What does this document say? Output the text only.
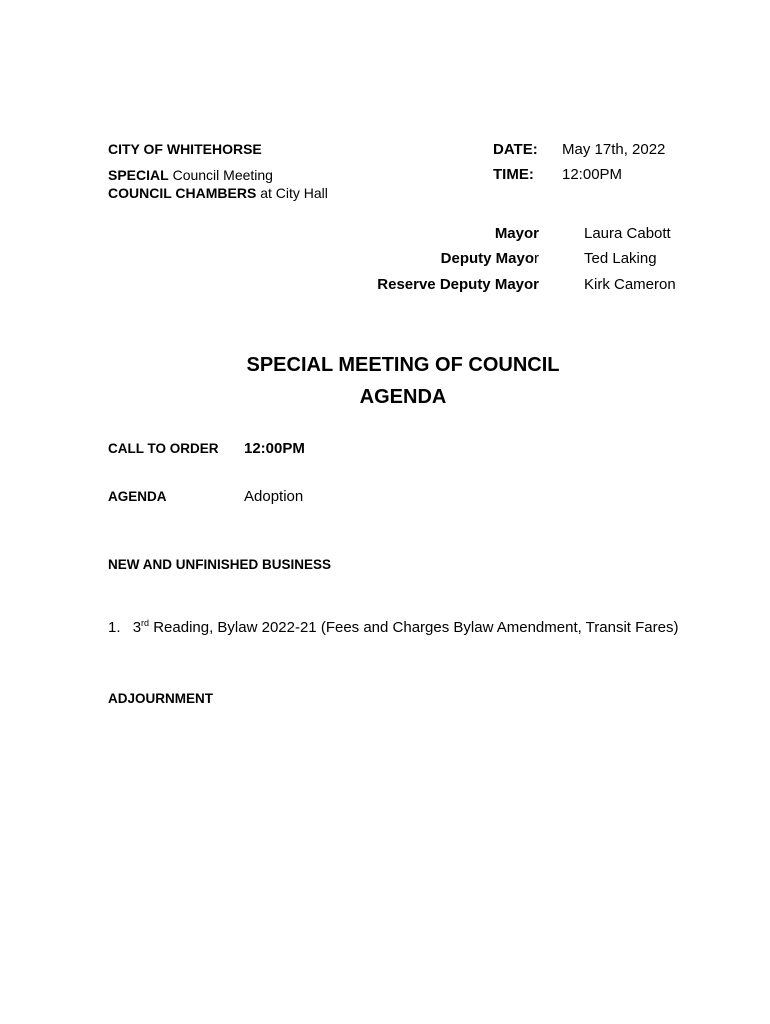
CITY OF WHITEHORSE
SPECIAL Council Meeting
COUNCIL CHAMBERS at City Hall
DATE: May 17th, 2022
TIME: 12:00PM
Mayor	Laura Cabott
Deputy Mayor	Ted Laking
Reserve Deputy Mayor	Kirk Cameron
SPECIAL MEETING OF COUNCIL
AGENDA
CALL TO ORDER 12:00PM
AGENDA	Adoption
NEW AND UNFINISHED BUSINESS
1. 3rd Reading, Bylaw 2022-21 (Fees and Charges Bylaw Amendment, Transit Fares)
ADJOURNMENT
